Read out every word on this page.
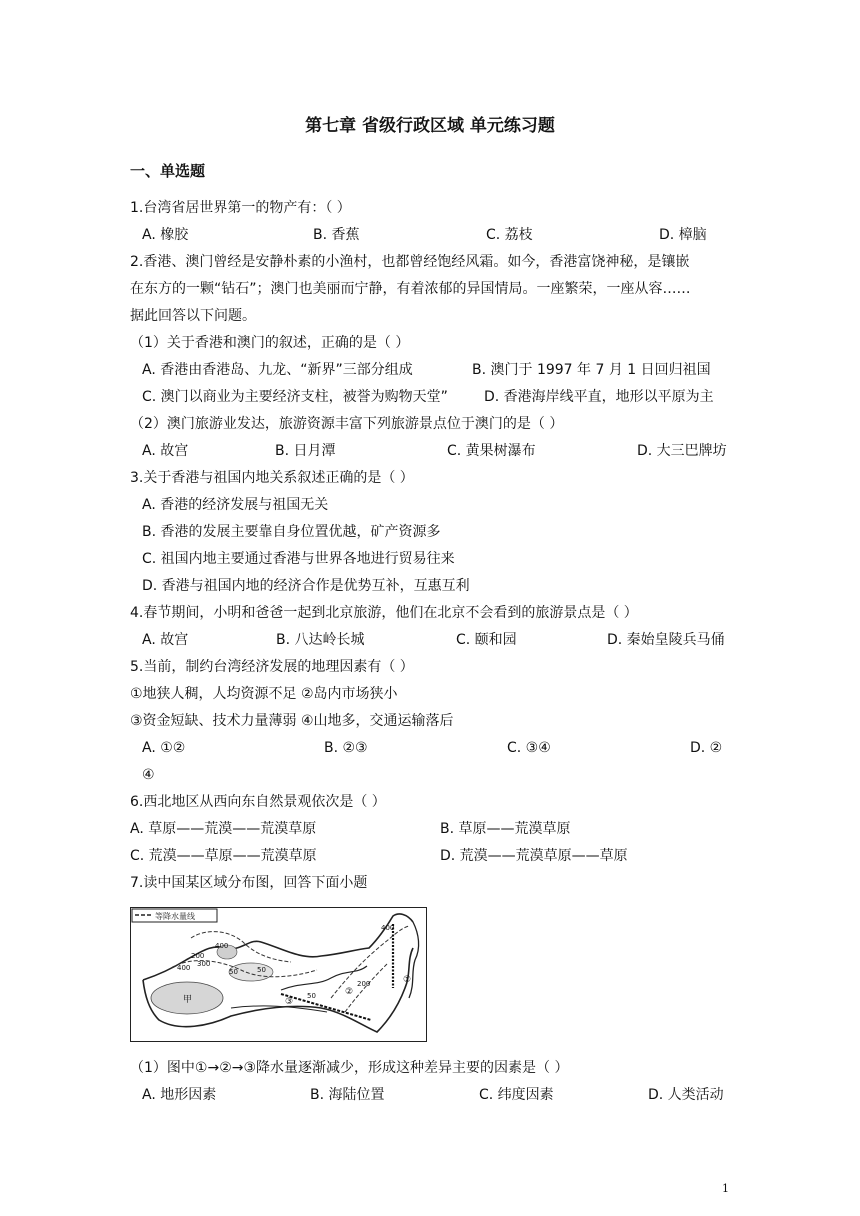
第七章 省级行政区域 单元练习题
一、单选题
1.台湾省居世界第一的物产有：（ ）
A. 橡胶	B. 香蕉	C. 荔枝	D. 樟脑
2.香港、澳门曾经是安静朴素的小渔村，也都曾经饱经风霜。如今，香港富饶神秘，是镶嵌
在东方的一颗“钻石”；澳门也美丽而宁静，有着浓郁的异国情局。一座繁荣，一座从容……
据此回答以下问题。
（1）关于香港和澳门的叙述，正确的是（ ）
A. 香港由香港岛、九龙、“新界”三部分组成	B. 澳门于 1997 年 7 月 1 日回归祖国
C. 澳门以商业为主要经济支柱，被誉为购物天堂”	D. 香港海岸线平直，地形以平原为主
（2）澳门旅游业发达，旅游资源丰富下列旅游景点位于澳门的是（ ）
A. 故宫	B. 日月潭	C. 黄果树瀑布	D. 大三巴牌坊
3.关于香港与祖国内地关系叙述正确的是（ ）
A. 香港的经济发展与祖国无关
B. 香港的发展主要靠自身位置优越，矿产资源多
C. 祖国内地主要通过香港与世界各地进行贸易往来
D. 香港与祖国内地的经济合作是优势互补，互惠互利
4.春节期间，小明和爸爸一起到北京旅游，他们在北京不会看到的旅游景点是（ ）
A. 故宫	B. 八达岭长城	C. 颐和园	D. 秦始皇陵兵马俑
5.当前，制约台湾经济发展的地理因素有（ ）
①地狭人稠，人均资源不足 ②岛内市场狭小
③资金短缺、技术力量薄弱 ④山地多，交通运输落后
A. ①②	B. ②③	C. ③④	D. ②
④
6.西北地区从西向东自然景观依次是（ ）
A. 草原——荒漠——荒漠草原	B. 草原——荒漠草原
C. 荒漠——草原——荒漠草原	D. 荒漠——荒漠草原——草原
7.读中国某区域分布图，回答下面小题
等降水量线
400
200
300
400	50	50
甲
200
50
400
①
②
③
（1）图中①→②→③降水量逐渐减少，形成这种差异主要的因素是（ ）
A. 地形因素	B. 海陆位置	C. 纬度因素	D. 人类活动
1
